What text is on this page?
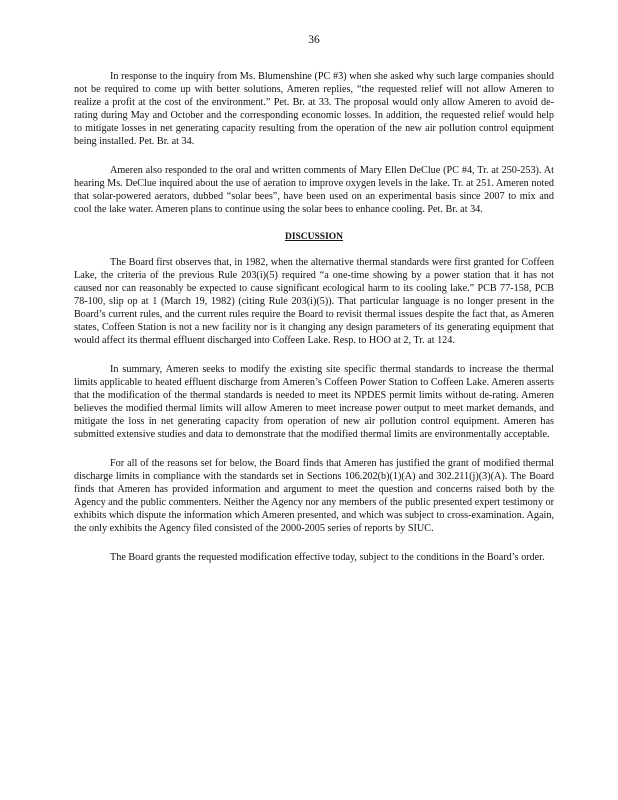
36

In response to the inquiry from Ms. Blumenshine (PC #3) when she asked why such large companies should not be required to come up with better solutions, Ameren replies, “the requested relief will not allow Ameren to realize a profit at the cost of the environment.” Pet. Br. at 33. The proposal would only allow Ameren to avoid de-rating during May and October and the corresponding economic losses. In addition, the requested relief would help to mitigate losses in net generating capacity resulting from the operation of the new air pollution control equipment being installed. Pet. Br. at 34.

Ameren also responded to the oral and written comments of Mary Ellen DeClue (PC #4, Tr. at 250-253). At hearing Ms. DeClue inquired about the use of aeration to improve oxygen levels in the lake. Tr. at 251. Ameren noted that solar-powered aerators, dubbed “solar bees”, have been used on an experimental basis since 2007 to mix and cool the lake water. Ameren plans to continue using the solar bees to enhance cooling. Pet. Br. at 34.

DISCUSSION

The Board first observes that, in 1982, when the alternative thermal standards were first granted for Coffeen Lake, the criteria of the previous Rule 203(i)(5) required “a one-time showing by a power station that it has not caused nor can reasonably be expected to cause significant ecological harm to its cooling lake.” PCB 77-158, PCB 78-100, slip op at 1 (March 19, 1982) (citing Rule 203(i)(5)). That particular language is no longer present in the Board’s current rules, and the current rules require the Board to revisit thermal issues despite the fact that, as Ameren states, Coffeen Station is not a new facility nor is it changing any design parameters of its generating equipment that would affect its thermal effluent discharged into Coffeen Lake. Resp. to HOO at 2, Tr. at 124.

In summary, Ameren seeks to modify the existing site specific thermal standards to increase the thermal limits applicable to heated effluent discharge from Ameren’s Coffeen Power Station to Coffeen Lake. Ameren asserts that the modification of the thermal standards is needed to meet its NPDES permit limits without de-rating. Ameren believes the modified thermal limits will allow Ameren to meet increase power output to meet market demands, and mitigate the loss in net generating capacity from operation of new air pollution control equipment. Ameren has submitted extensive studies and data to demonstrate that the modified thermal limits are environmentally acceptable.

For all of the reasons set for below, the Board finds that Ameren has justified the grant of modified thermal discharge limits in compliance with the standards set in Sections 106.202(b)(1)(A) and 302.211(j)(3)(A). The Board finds that Ameren has provided information and argument to meet the question and concerns raised both by the Agency and the public commenters. Neither the Agency nor any members of the public presented expert testimony or exhibits which dispute the information which Ameren presented, and which was subject to cross-examination. Again, the only exhibits the Agency filed consisted of the 2000-2005 series of reports by SIUC.

The Board grants the requested modification effective today, subject to the conditions in the Board’s order.
